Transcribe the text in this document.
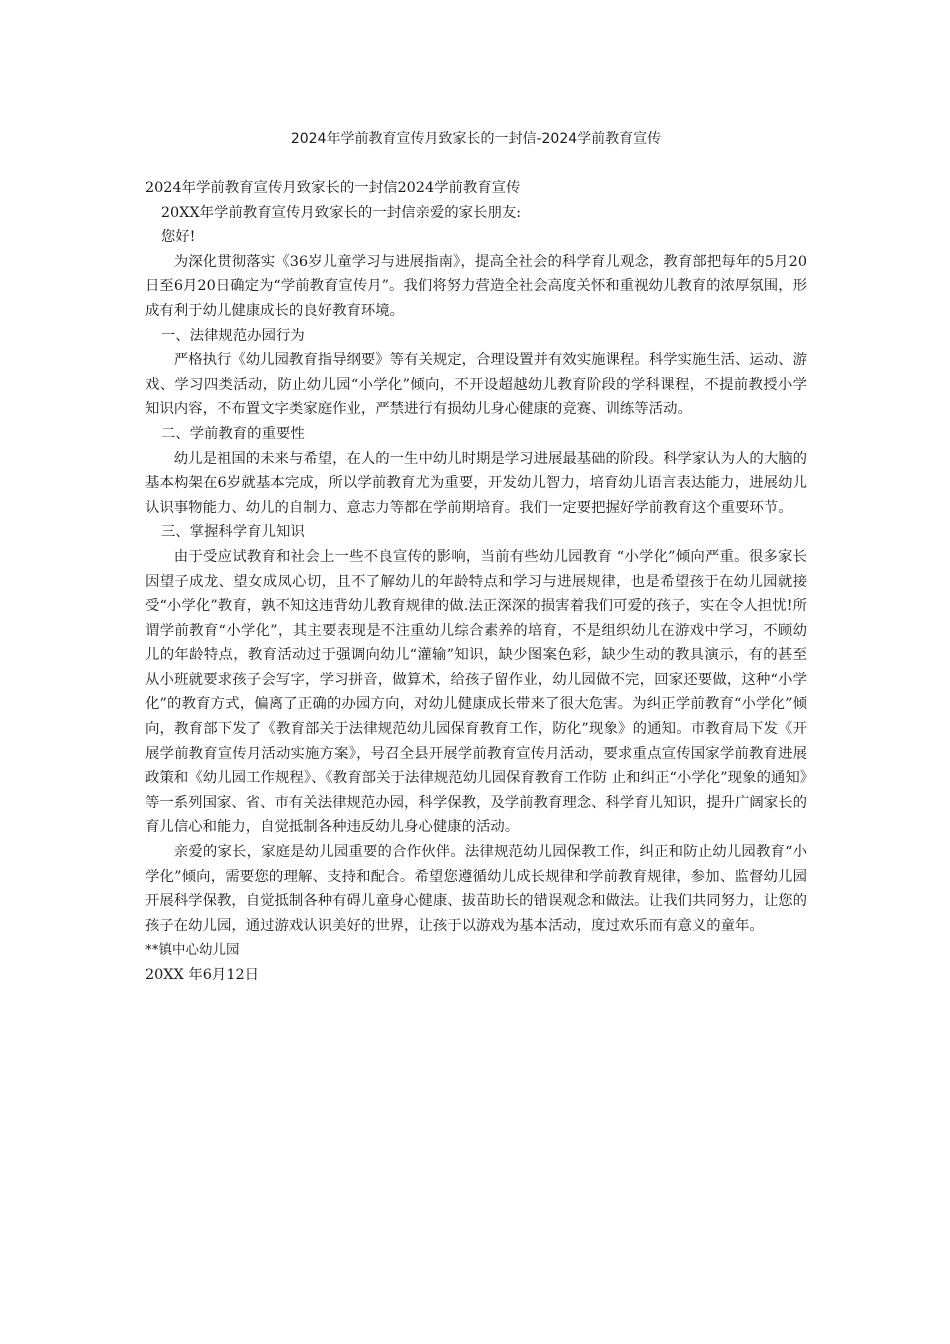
2024年学前教育宣传月致家长的一封信-2024学前教育宣传

2024年学前教育宣传月致家长的一封信2024学前教育宣传

20XX年学前教育宣传月致家长的一封信亲爱的家长朋友:

您好!

为深化贯彻落实《36岁儿童学习与进展指南》，提高全社会的科学育儿观念，教育部把每年的5月20日至6月20日确定为“学前教育宣传月”。我们将努力营造全社会高度关怀和重视幼儿教育的浓厚氛围，形成有利于幼儿健康成长的良好教育环境。

一、法律规范办园行为

严格执行《幼儿园教育指导纲要》等有关规定，合理设置并有效实施课程。科学实施生活、运动、游戏、学习四类活动，防止幼儿园“小学化”倾向，不开设超越幼儿教育阶段的学科课程，不提前教授小学知识内容，不布置文字类家庭作业，严禁进行有损幼儿身心健康的竞赛、训练等活动。

二、学前教育的重要性

幼儿是祖国的未来与希望，在人的一生中幼儿时期是学习进展最基础的阶段。科学家认为人的大脑的基本构架在6岁就基本完成，所以学前教育尤为重要，开发幼儿智力，培育幼儿语言表达能力，进展幼儿认识事物能力、幼儿的自制力、意志力等都在学前期培育。我们一定要把握好学前教育这个重要环节。

三、掌握科学育儿知识

由于受应试教育和社会上一些不良宣传的影响，当前有些幼儿园教育 “小学化”倾向严重。很多家长因望子成龙、望女成凤心切，且不了解幼儿的年龄特点和学习与进展规律，也是希望孩于在幼儿园就接受“小学化”教育，孰不知这违背幼儿教育规律的做.法正深深的损害着我们可爱的孩子，实在令人担忧!所谓学前教育“小学化”，其主要表现是不注重幼儿综合素养的培育，不是组织幼儿在游戏中学习，不顾幼儿的年龄特点，教育活动过于强调向幼儿“灌输”知识，缺少图案色彩，缺少生动的教具演示，有的甚至从小班就要求孩子会写字，学习拼音，做算术，给孩子留作业，幼儿园做不完，回家还要做，这种“小学化”的教育方式，偏离了正确的办园方向，对幼儿健康成长带来了很大危害。为纠正学前教育“小学化”倾向，教育部下发了《教育部关于法律规范幼儿园保育教育工作，防化”现象》的通知。市教育局下发《开展学前教育宣传月活动实施方案》，号召全县开展学前教育宣传月活动，要求重点宣传国家学前教育进展政策和《幼儿园工作规程》、《教育部关于法律规范幼儿园保育教育工作防 止和纠正“小学化”现象的通知》等一系列国家、省、市有关法律规范办园，科学保教，及学前教育理念、科学育儿知识，提升广阔家长的育儿信心和能力，自觉抵制各种违反幼儿身心健康的活动。

亲爱的家长，家庭是幼儿园重要的合作伙伴。法律规范幼儿园保教工作，纠正和防止幼儿园教育“小学化”倾向，需要您的理解、支持和配合。希望您遵循幼儿成长规律和学前教育规律，参加、监督幼儿园开展科学保教，自觉抵制各种有碍儿童身心健康、拔苗助长的错误观念和做法。让我们共同努力，让您的孩子在幼儿园，通过游戏认识美好的世界，让孩于以游戏为基本活动，度过欢乐而有意义的童年。

**镇中心幼儿园

20XX 年6月12日
